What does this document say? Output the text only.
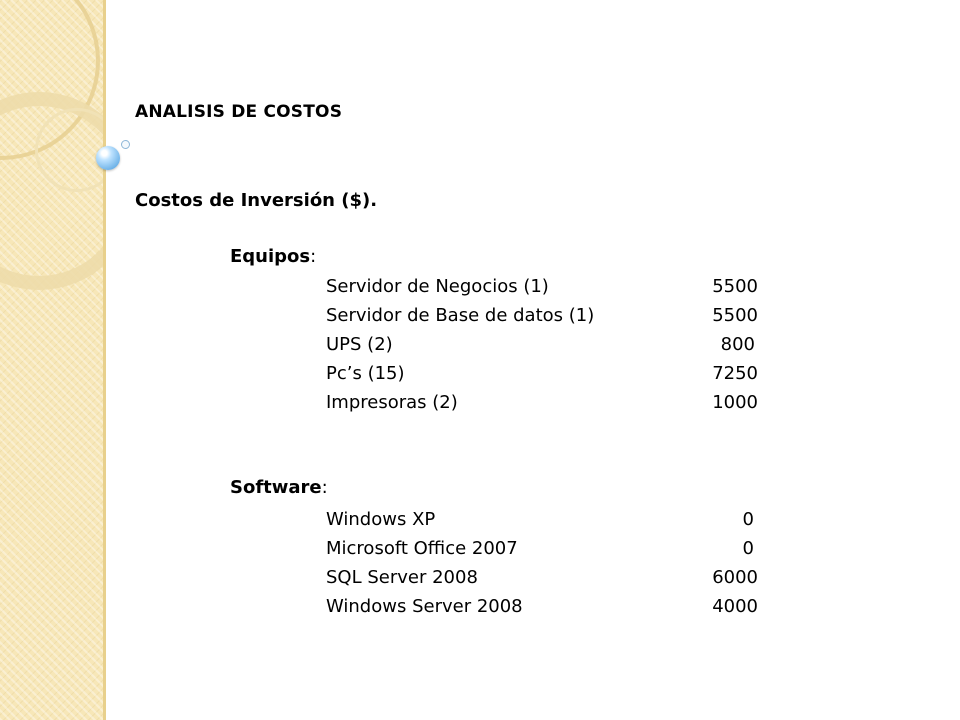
ANALISIS DE COSTOS
Costos de Inversión ($).
Equipos:
Servidor de Negocios (1)	5500
Servidor de Base de datos (1)	5500
UPS (2)	800
Pc’s (15)	7250
Impresoras (2)	1000
Software:
Windows XP	0
Microsoft Office 2007	0
SQL Server 2008	6000
Windows Server 2008	4000
